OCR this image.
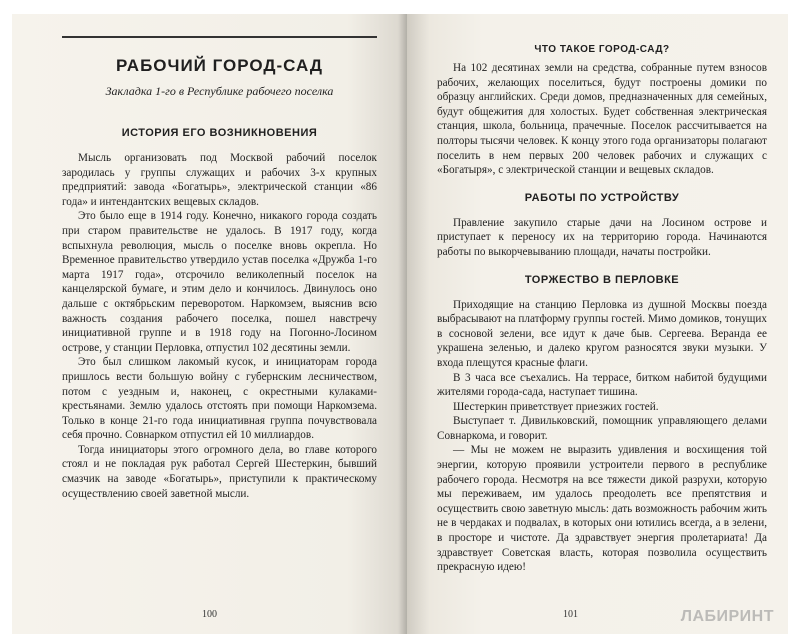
РАБОЧИЙ ГОРОД-САД
Закладка 1-го в Республике рабочего поселка
ИСТОРИЯ ЕГО ВОЗНИКНОВЕНИЯ

Мысль организовать под Москвой рабочий поселок зародилась у группы служащих и рабочих 3-х крупных предприятий: завода «Богатырь», электрической станции «86 года» и интендантских вещевых складов.

Это было еще в 1914 году. Конечно, никакого города создать при старом правительстве не удалось. В 1917 году, когда вспыхнула революция, мысль о поселке вновь окрепла. Но Временное правительство утвердило устав поселка «Дружба 1-го марта 1917 года», отсрочило великолепный поселок на канцелярской бумаге, и этим дело и кончилось. Двинулось оно дальше с октябрьским переворотом. Наркомзем, выяснив всю важность создания рабочего поселка, пошел навстречу инициативной группе и в 1918 году на Погонно-Лосином острове, у станции Перловка, отпустил 102 десятины земли.

Это был слишком лакомый кусок, и инициаторам города пришлось вести большую войну с губернским лесничеством, потом с уездным и, наконец, с окрестными кулаками-крестьянами. Землю удалось отстоять при помощи Наркомзема. Только в конце 21-го года инициативная группа почувствовала себя прочно. Совнарком отпустил ей 10 миллиардов.

Тогда инициаторы этого огромного дела, во главе которого стоял и не покладая рук работал Сергей Шестеркин, бывший смазчик на заводе «Богатырь», приступили к практическому осуществлению своей заветной мысли.

100
ЧТО ТАКОЕ ГОРОД-САД?

На 102 десятинах земли на средства, собранные путем взносов рабочих, желающих поселиться, будут построены домики по образцу английских. Среди домов, предназначенных для семейных, будут общежития для холостых. Будет собственная электрическая станция, школа, больница, прачечные. Поселок рассчитывается на полторы тысячи человек. К концу этого года организаторы полагают поселить в нем первых 200 человек рабочих и служащих с «Богатыря», с электрической станции и вещевых складов.

РАБОТЫ ПО УСТРОЙСТВУ

Правление закупило старые дачи на Лосином острове и приступает к переносу их на территорию города. Начинаются работы по выкорчевыванию площади, начаты постройки.

ТОРЖЕСТВО В ПЕРЛОВКЕ

Приходящие на станцию Перловка из душной Москвы поезда выбрасывают на платформу группы гостей. Мимо домиков, тонущих в сосновой зелени, все идут к даче быв. Сергеева. Веранда ее украшена зеленью, и далеко кругом разносятся звуки музыки. У входа плещутся красные флаги.

В 3 часа все съехались. На террасе, битком набитой будущими жителями города-сада, наступает тишина.

Шестеркин приветствует приезжих гостей.

Выступает т. Дивильковский, помощник управляющего делами Совнаркома, и говорит.

— Мы не можем не выразить удивления и восхищения той энергии, которую проявили устроители первого в республике рабочего города. Несмотря на все тяжести дикой разрухи, которую мы переживаем, им удалось преодолеть все препятствия и осуществить свою заветную мысль: дать возможность рабочим жить не в чердаках и подвалах, в которых они ютились всегда, а в зелени, в просторе и чистоте. Да здравствует энергия пролетариата! Да здравствует Советская власть, которая позволила осуществить прекрасную идею!

101	ЛАБИРИНТ
